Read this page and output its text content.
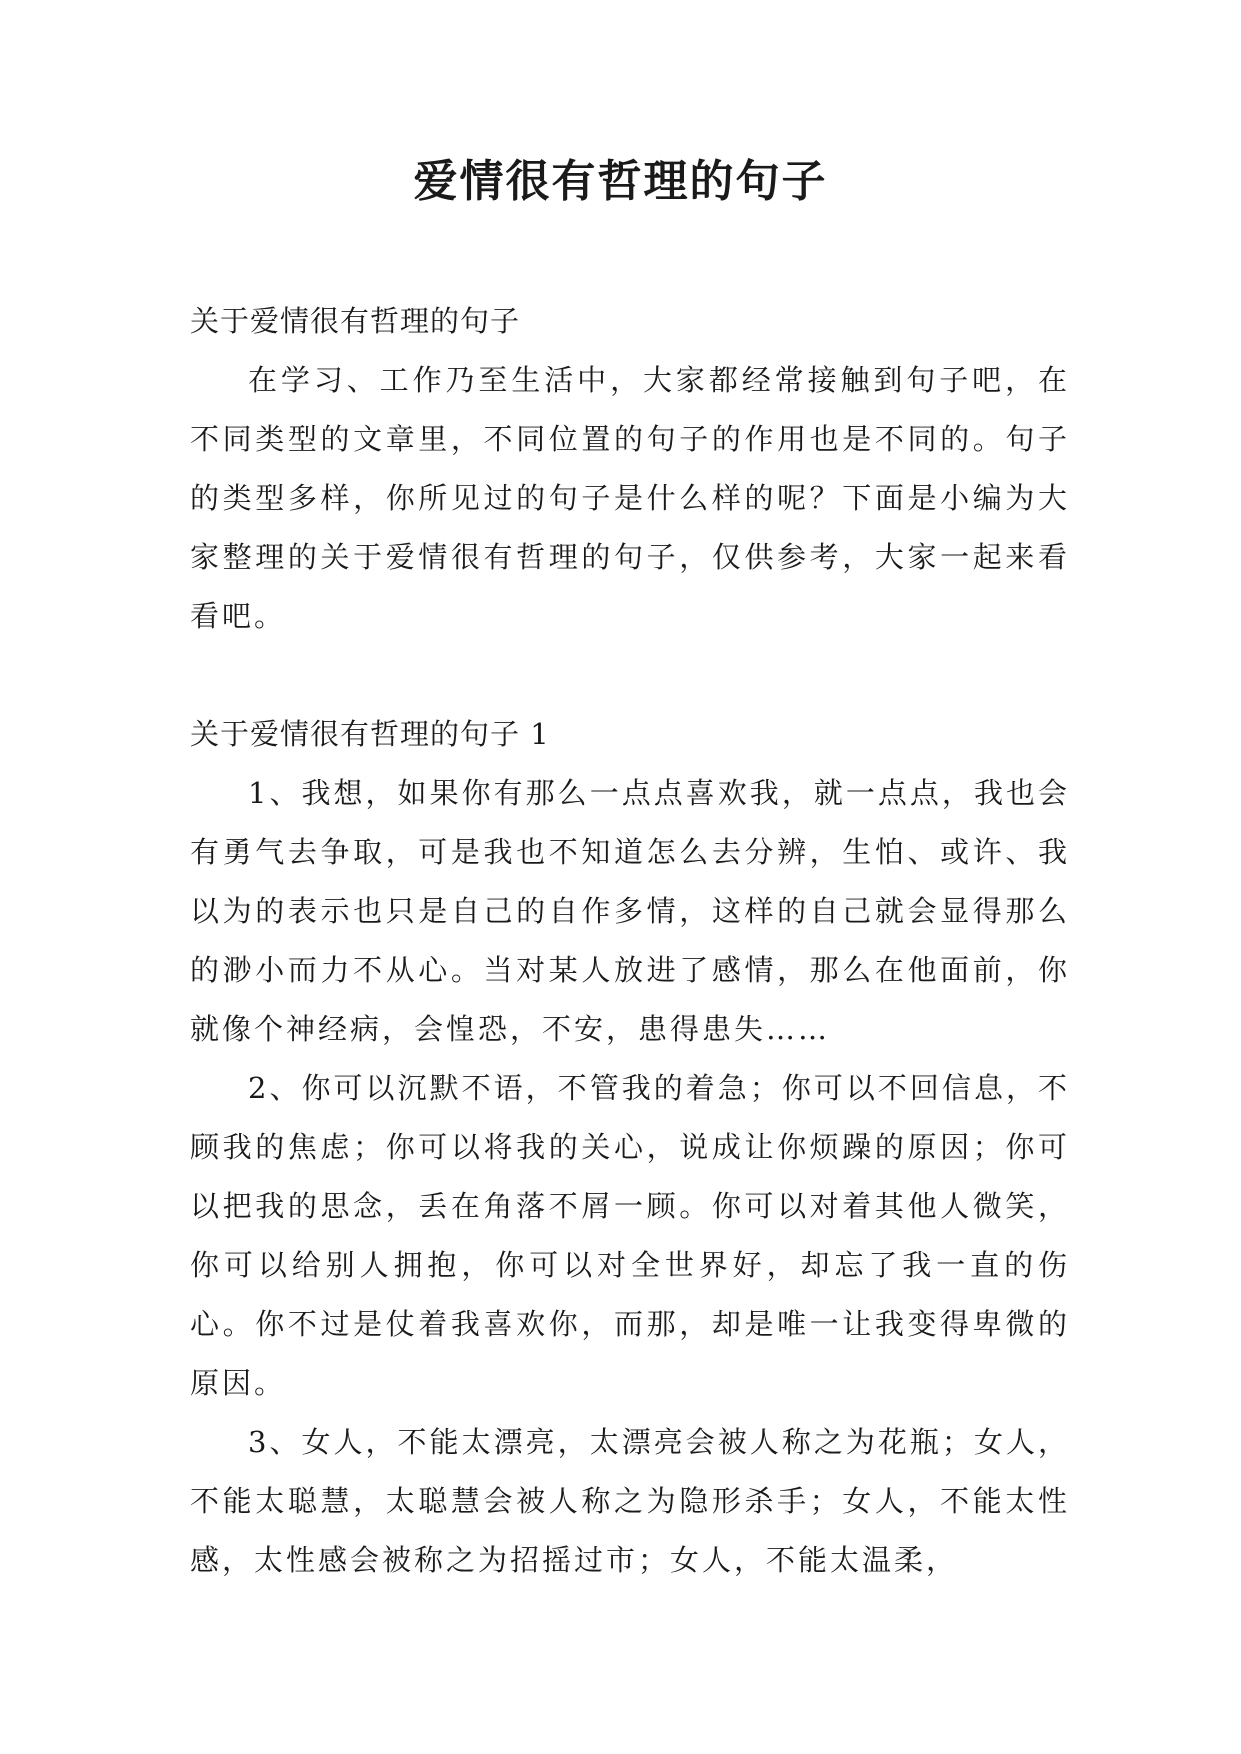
爱情很有哲理的句子

关于爱情很有哲理的句子

在学习、工作乃至生活中，大家都经常接触到句子吧，在不同类型的文章里，不同位置的句子的作用也是不同的。句子的类型多样，你所见过的句子是什么样的呢？下面是小编为大家整理的关于爱情很有哲理的句子，仅供参考，大家一起来看看吧。

关于爱情很有哲理的句子 1

1、我想，如果你有那么一点点喜欢我，就一点点，我也会有勇气去争取，可是我也不知道怎么去分辨，生怕、或许、我以为的表示也只是自己的自作多情，这样的自己就会显得那么的渺小而力不从心。当对某人放进了感情，那么在他面前，你就像个神经病，会惶恐，不安，患得患失……

2、你可以沉默不语，不管我的着急；你可以不回信息，不顾我的焦虑；你可以将我的关心，说成让你烦躁的原因；你可以把我的思念，丢在角落不屑一顾。你可以对着其他人微笑，你可以给别人拥抱，你可以对全世界好，却忘了我一直的伤心。你不过是仗着我喜欢你，而那，却是唯一让我变得卑微的原因。

3、女人，不能太漂亮，太漂亮会被人称之为花瓶；女人，不能太聪慧，太聪慧会被人称之为隐形杀手；女人，不能太性感，太性感会被称之为招摇过市；女人，不能太温柔，
